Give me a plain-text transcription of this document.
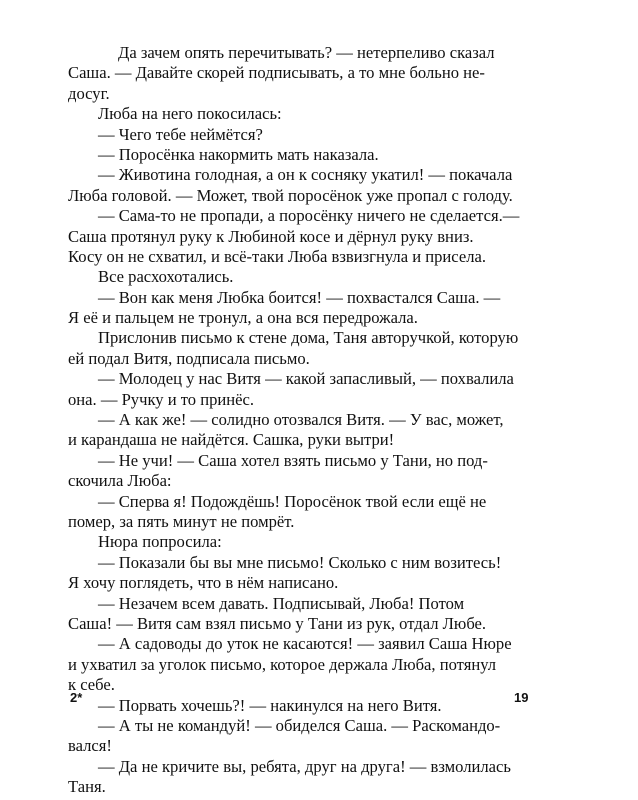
Да зачем опять перечитывать? — нетерпеливо сказал
Саша. — Давайте скорей подписывать, а то мне больно не-
досуг.
Люба на него покосилась:
— Чего тебе неймётся?
— Поросёнка накормить мать наказала.
— Животина голодная, а он к сосняку укатил! — покачала
Люба головой. — Может, твой поросёнок уже пропал с голоду.
— Сама-то не пропади, а поросёнку ничего не сделается.—
Саша протянул руку к Любиной косе и дёрнул руку вниз.
Косу он не схватил, и всё-таки Люба взвизгнула и присела.
Все расхохотались.
— Вон как меня Любка боится! — похвастался Саша. —
Я её и пальцем не тронул, а она вся передрожала.
Прислонив письмо к стене дома, Таня авторучкой, которую
ей подал Витя, подписала письмо.
— Молодец у нас Витя — какой запасливый, — похвалила
она. — Ручку и то принёс.
— А как же! — солидно отозвался Витя. — У вас, может,
и карандаша не найдётся. Сашка, руки вытри!
— Не учи! — Саша хотел взять письмо у Тани, но под-
скочила Люба:
— Сперва я! Подождёшь! Поросёнок твой если ещё не
помер, за пять минут не помрёт.
Нюра попросила:
— Показали бы вы мне письмо! Сколько с ним возитесь!
Я хочу поглядеть, что в нём написано.
— Незачем всем давать. Подписывай, Люба! Потом
Саша! — Витя сам взял письмо у Тани из рук, отдал Любе.
— А садоводы до уток не касаются! — заявил Саша Нюре
и ухватил за уголок письмо, которое держала Люба, потянул
к себе.
— Порвать хочешь?! — накинулся на него Витя.
— А ты не командуй! — обиделся Саша. — Раскомандо-
вался!
— Да не кричите вы, ребята, друг на друга! — взмолилась
Таня.
2*	19
